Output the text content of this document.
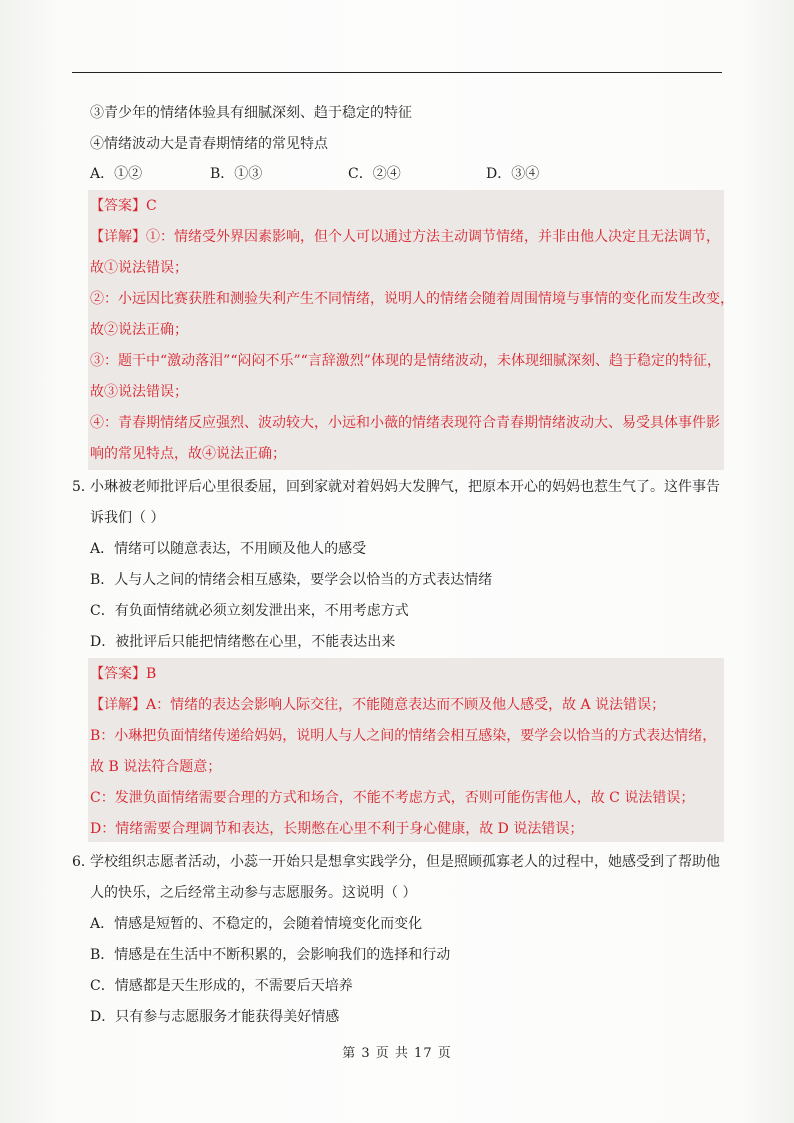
③青少年的情绪体验具有细腻深刻、趋于稳定的特征
④情绪波动大是青春期情绪的常见特点
A．①②	B．①③	C．②④	D．③④
【答案】C
【详解】①：情绪受外界因素影响，但个人可以通过方法主动调节情绪，并非由他人决定且无法调节，
故①说法错误；
②：小远因比赛获胜和测验失利产生不同情绪，说明人的情绪会随着周围情境与事情的变化而发生改变，
故②说法正确；
③：题干中“激动落泪”“闷闷不乐”“言辞激烈”体现的是情绪波动，未体现细腻深刻、趋于稳定的特征，
故③说法错误；
④：青春期情绪反应强烈、波动较大，小远和小薇的情绪表现符合青春期情绪波动大、易受具体事件影
响的常见特点，故④说法正确；
5．
小琳被老师批评后心里很委屈，回到家就对着妈妈大发脾气，把原本开心的妈妈也惹生气了。这件事告
诉我们（ ）
A．情绪可以随意表达，不用顾及他人的感受
B．人与人之间的情绪会相互感染，要学会以恰当的方式表达情绪
C．有负面情绪就必须立刻发泄出来，不用考虑方式
D．被批评后只能把情绪憋在心里，不能表达出来
【答案】B
【详解】A：情绪的表达会影响人际交往，不能随意表达而不顾及他人感受，故 A 说法错误；
B：小琳把负面情绪传递给妈妈，说明人与人之间的情绪会相互感染，要学会以恰当的方式表达情绪，
故 B 说法符合题意；
C：发泄负面情绪需要合理的方式和场合，不能不考虑方式，否则可能伤害他人，故 C 说法错误；
D：情绪需要合理调节和表达，长期憋在心里不利于身心健康，故 D 说法错误；
6．
学校组织志愿者活动，小蕊一开始只是想拿实践学分，但是照顾孤寡老人的过程中，她感受到了帮助他
人的快乐，之后经常主动参与志愿服务。这说明（ ）
A．情感是短暂的、不稳定的，会随着情境变化而变化
B．情感是在生活中不断积累的，会影响我们的选择和行动
C．情感都是天生形成的，不需要后天培养
D．只有参与志愿服务才能获得美好情感
第 3 页 共 17 页
